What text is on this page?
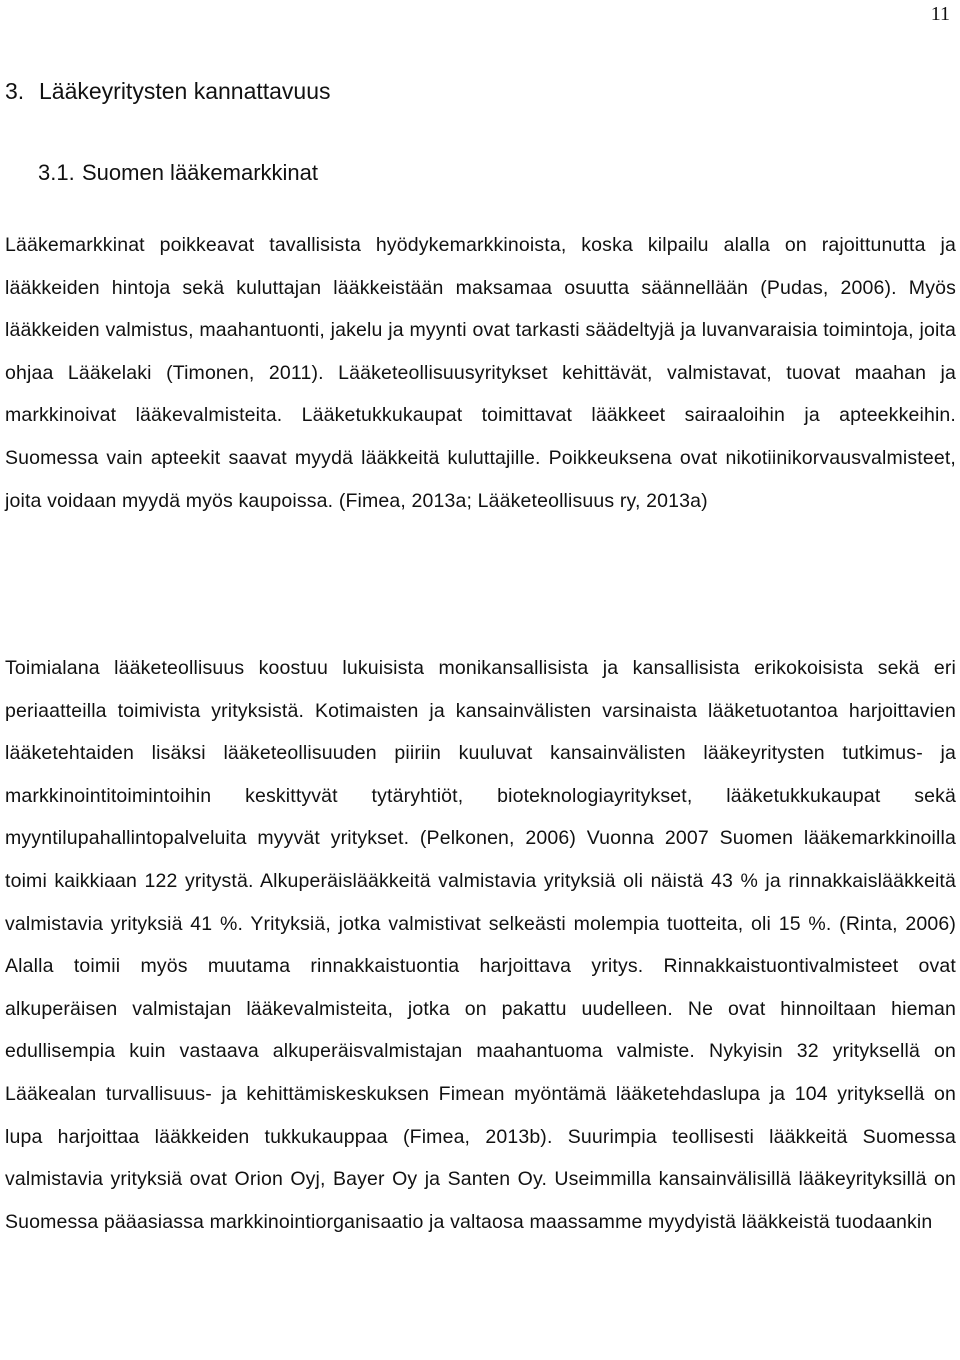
11
3. Lääkeyritysten kannattavuus
3.1. Suomen lääkemarkkinat

Lääkemarkkinat poikkeavat tavallisista hyödykemarkkinoista, koska kilpailu alalla on rajoittunutta ja lääkkeiden hintoja sekä kuluttajan lääkkeistään maksamaa osuutta säännellään (Pudas, 2006). Myös lääkkeiden valmistus, maahantuonti, jakelu ja myynti ovat tarkasti säädeltyjä ja luvanvaraisia toimintoja, joita ohjaa Lääkelaki (Timonen, 2011). Lääketeollisuusyritykset kehittävät, valmistavat, tuovat maahan ja markkinoivat lääkevalmisteita. Lääketukkukaupat toimittavat lääkkeet sairaaloihin ja apteekkeihin. Suomessa vain apteekit saavat myydä lääkkeitä kuluttajille. Poikkeuksena ovat nikotiinikorvausvalmisteet, joita voidaan myydä myös kaupoissa. (Fimea, 2013a; Lääketeollisuus ry, 2013a)

Toimialana lääketeollisuus koostuu lukuisista monikansallisista ja kansallisista erikokoisista sekä eri periaatteilla toimivista yrityksistä. Kotimaisten ja kansainvälisten varsinaista lääketuotantoa harjoittavien lääketehtaiden lisäksi lääketeollisuuden piiriin kuuluvat kansainvälisten lääkeyritysten tutkimus- ja markkinointitoimintoihin keskittyvät tytäryhtiöt, bioteknologiayritykset, lääketukkukaupat sekä myyntilupahallintopalveluita myyvät yritykset. (Pelkonen, 2006) Vuonna 2007 Suomen lääkemarkkinoilla toimi kaikkiaan 122 yritystä. Alkuperäislääkkeitä valmistavia yrityksiä oli näistä 43 % ja rinnakkaislääkkeitä valmistavia yrityksiä 41 %. Yrityksiä, jotka valmistivat selkeästi molempia tuotteita, oli 15 %. (Rinta, 2006) Alalla toimii myös muutama rinnakkaistuontia harjoittava yritys. Rinnakkaistuontivalmisteet ovat alkuperäisen valmistajan lääkevalmisteita, jotka on pakattu uudelleen. Ne ovat hinnoiltaan hieman edullisempia kuin vastaava alkuperäisvalmistajan maahantuoma valmiste. Nykyisin 32 yrityksellä on Lääkealan turvallisuus- ja kehittämiskeskuksen Fimean myöntämä lääketehdaslupa ja 104 yrityksellä on lupa harjoittaa lääkkeiden tukkukauppaa (Fimea, 2013b). Suurimpia teollisesti lääkkeitä Suomessa valmistavia yrityksiä ovat Orion Oyj, Bayer Oy ja Santen Oy. Useimmilla kansainvälisillä lääkeyrityksillä on Suomessa pääasiassa markkinointiorganisaatio ja valtaosa maassamme myydyistä lääkkeistä tuodaankin
